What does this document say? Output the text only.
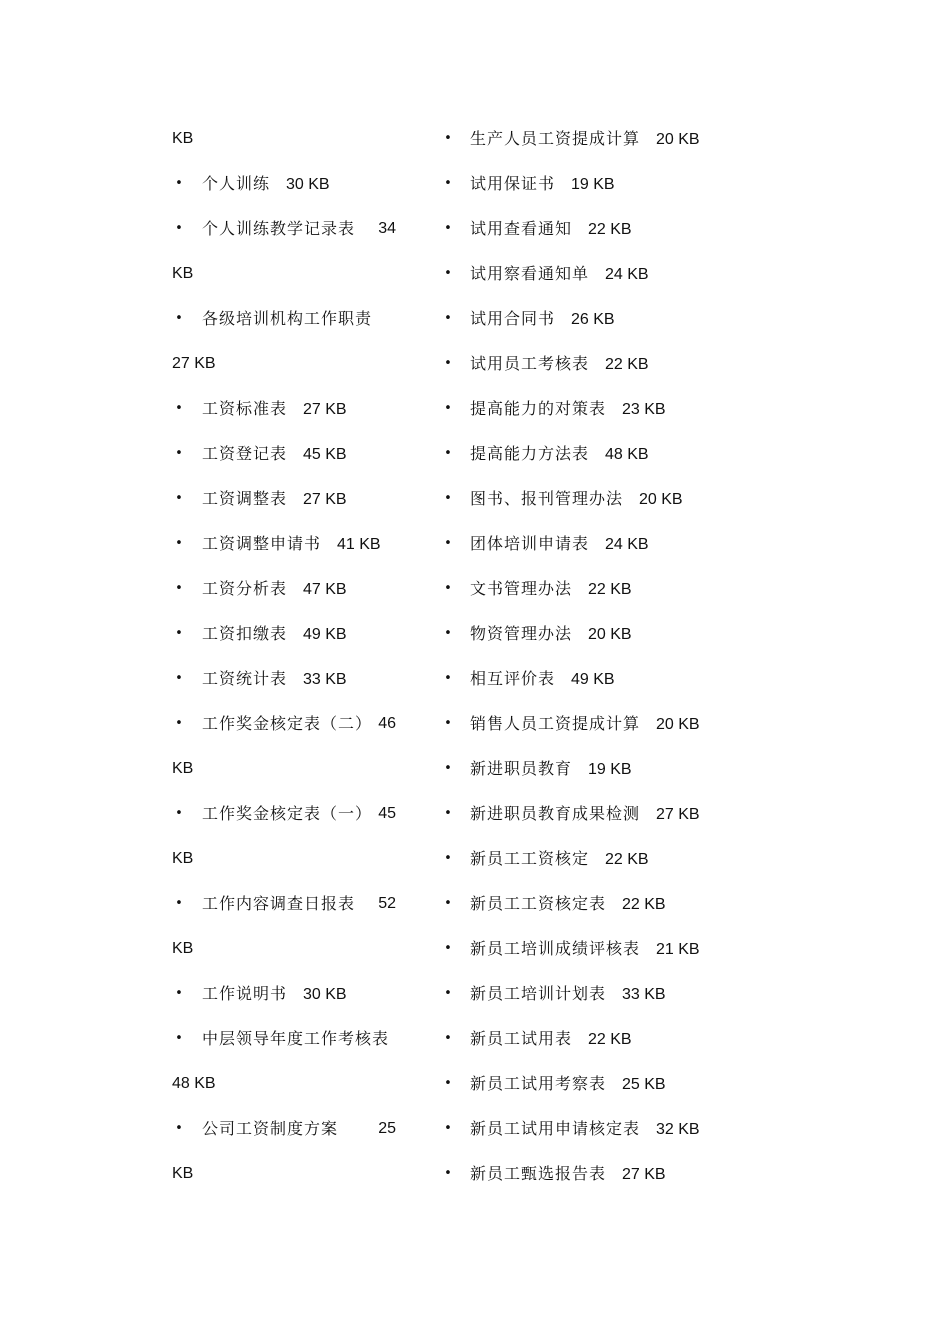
KB
• 个人训练 30 KB
• 个人训练教学记录表 34
KB
• 各级培训机构工作职责
27 KB
• 工资标准表 27 KB
• 工资登记表 45 KB
• 工资调整表 27 KB
• 工资调整申请书 41 KB
• 工资分析表 47 KB
• 工资扣缴表 49 KB
• 工资统计表 33 KB
• 工作奖金核定表（二） 46
KB
• 工作奖金核定表（一） 45
KB
• 工作内容调查日报表 52
KB
• 工作说明书 30 KB
• 中层领导年度工作考核表
48 KB
• 公司工资制度方案	25
KB
• 生产人员工资提成计算 20 KB
• 试用保证书 19 KB
• 试用查看通知 22 KB
• 试用察看通知单 24 KB
• 试用合同书 26 KB
• 试用员工考核表 22 KB
• 提高能力的对策表 23 KB
• 提高能力方法表 48 KB
• 图书、报刊管理办法 20 KB
• 团体培训申请表 24 KB
• 文书管理办法 22 KB
• 物资管理办法 20 KB
• 相互评价表 49 KB
• 销售人员工资提成计算 20 KB
• 新进职员教育 19 KB
• 新进职员教育成果检测 27 KB
• 新员工工资核定 22 KB
• 新员工工资核定表 22 KB
• 新员工培训成绩评核表 21 KB
• 新员工培训计划表 33 KB
• 新员工试用表 22 KB
• 新员工试用考察表 25 KB
• 新员工试用申请核定表 32 KB
• 新员工甄选报告表 27 KB
